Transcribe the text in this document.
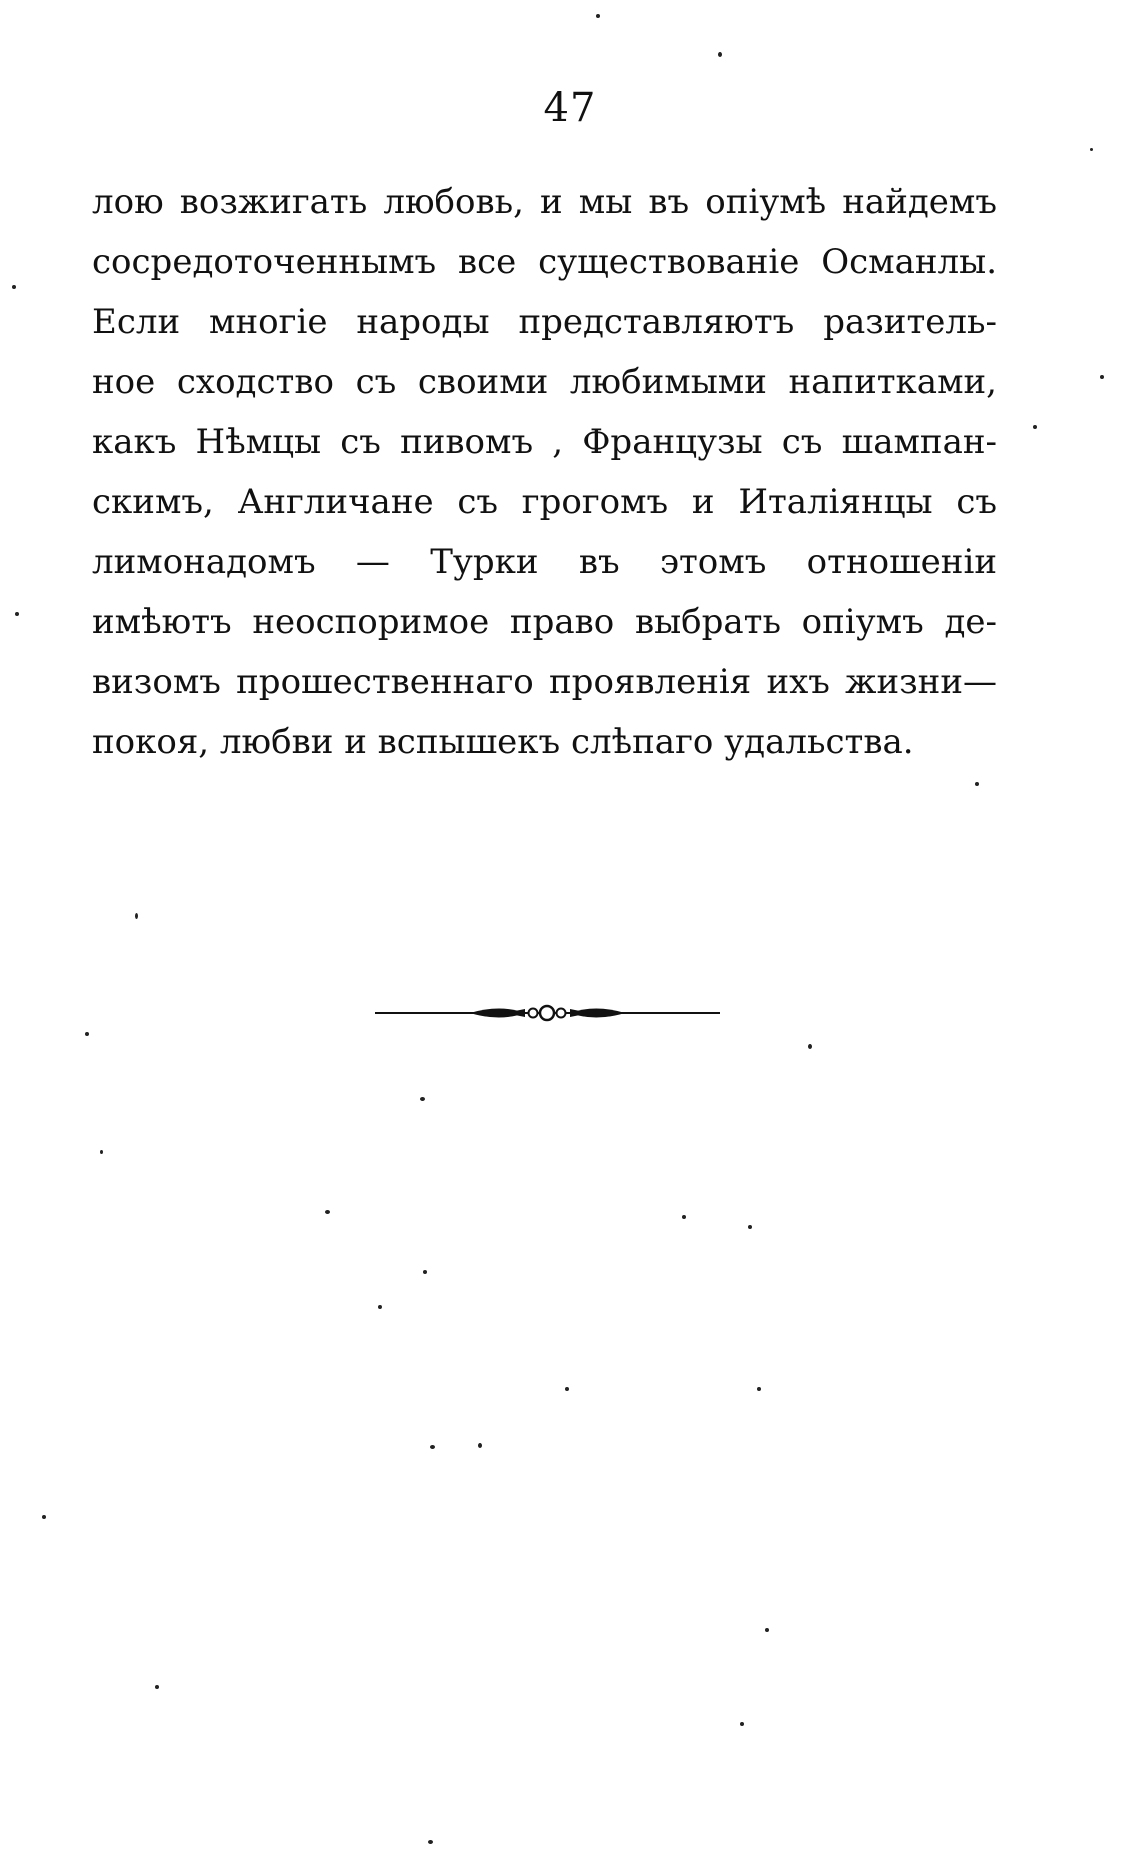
47
лою возжигать любовь, и мы въ опіумѣ найдемъ
сосредоточеннымъ все существованіе Османлы.
Если многіе народы представляютъ разитель-
ное сходство съ своими любимыми напитками,
какъ Нѣмцы съ пивомъ , Французы съ шампан-
скимъ, Англичане съ грогомъ и Италіянцы съ
лимонадомъ — Турки въ этомъ отношеніи
имѣютъ неоспоримое право выбрать опіумъ де-
визомъ прошественнаго проявленія ихъ жизни—
покоя, любви и вспышекъ слѣпаго удальства.
